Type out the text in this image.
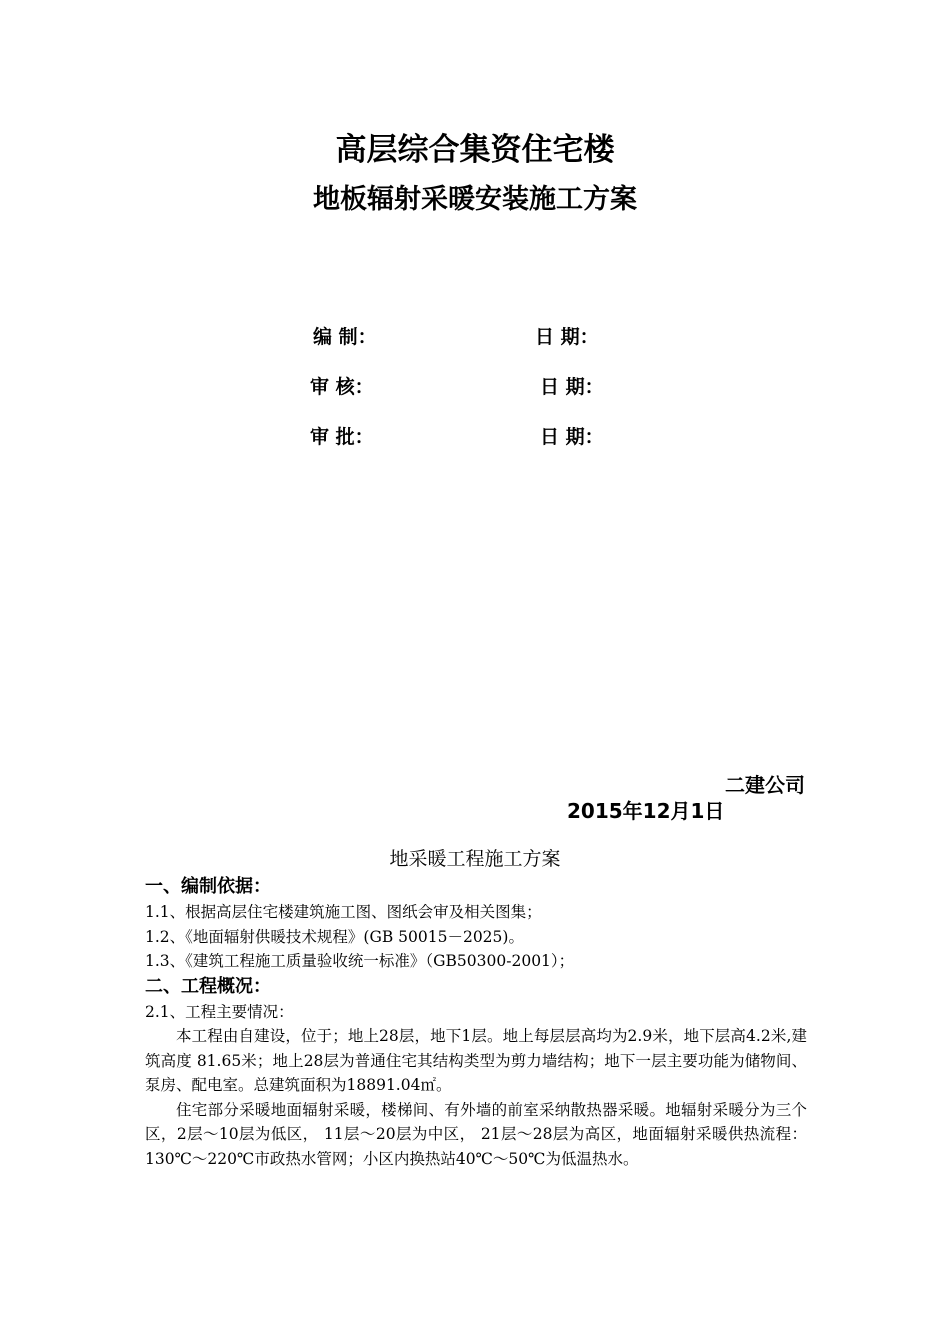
高层综合集资住宅楼
地板辐射采暖安装施工方案
编 制：	日 期：
审 核：	日 期：
审 批：	日 期：
二建公司
2015年12月1日
地采暖工程施工方案
一、编制依据：
1.1、根据高层住宅楼建筑施工图、图纸会审及相关图集；
1.2、《地面辐射供暖技术规程》(GB 50015－2025)。
1.3、《建筑工程施工质量验收统一标准》（GB50300-2001）；
二、工程概况：
2.1、工程主要情况：

本工程由自建设，位于；地上28层，地下1层。地上每层层高均为2.9米，地下层高4.2米,建筑高度 81.65米；地上28层为普通住宅其结构类型为剪力墙结构；地下一层主要功能为储物间、泵房、配电室。总建筑面积为18891.04㎡。

住宅部分采暖地面辐射采暖，楼梯间、有外墙的前室采纳散热器采暖。地辐射采暖分为三个区，2层～10层为低区， 11层～20层为中区， 21层～28层为高区，地面辐射采暖供热流程：130℃～220℃市政热水管网；小区内换热站40℃～50℃为低温热水。
